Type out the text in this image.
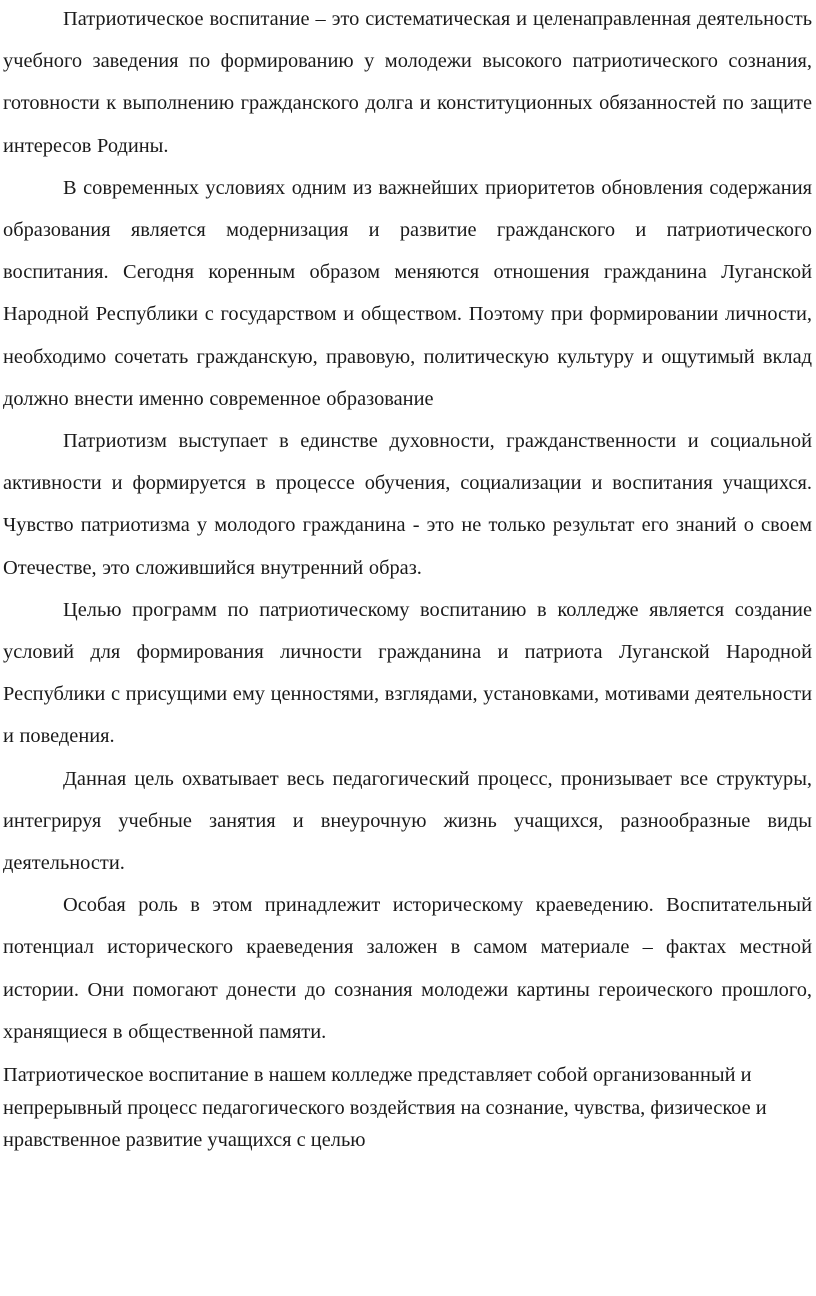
Патриотическое воспитание – это систематическая и целенаправленная деятельность учебного заведения по формированию у молодежи высокого патриотического сознания, готовности к выполнению гражданского долга и конституционных обязанностей по защите интересов Родины.

В современных условиях одним из важнейших приоритетов обновления содержания образования является модернизация и развитие гражданского и патриотического воспитания. Сегодня коренным образом меняются отношения гражданина Луганской Народной Республики с государством и обществом. Поэтому при формировании личности, необходимо сочетать гражданскую, правовую, политическую культуру и ощутимый вклад должно внести именно современное образование

Патриотизм выступает в единстве духовности, гражданственности и социальной активности и формируется в процессе обучения, социализации и воспитания учащихся. Чувство патриотизма у молодого гражданина - это не только результат его знаний о своем Отечестве, это сложившийся внутренний образ.

Целью программ по патриотическому воспитанию в колледже является создание условий для формирования личности гражданина и патриота Луганской Народной Республики с присущими ему ценностями, взглядами, установками, мотивами деятельности и поведения.

Данная цель охватывает весь педагогический процесс, пронизывает все структуры, интегрируя учебные занятия и внеурочную жизнь учащихся, разнообразные виды деятельности.

Особая роль в этом принадлежит историческому краеведению. Воспитательный потенциал исторического краеведения заложен в самом материале – фактах местной истории. Они помогают донести до сознания молодежи картины героического прошлого, хранящиеся в общественной памяти.

Патриотическое воспитание в нашем колледже представляет собой организованный и непрерывный процесс педагогического воздействия на сознание, чувства, физическое и нравственное развитие учащихся с целью
